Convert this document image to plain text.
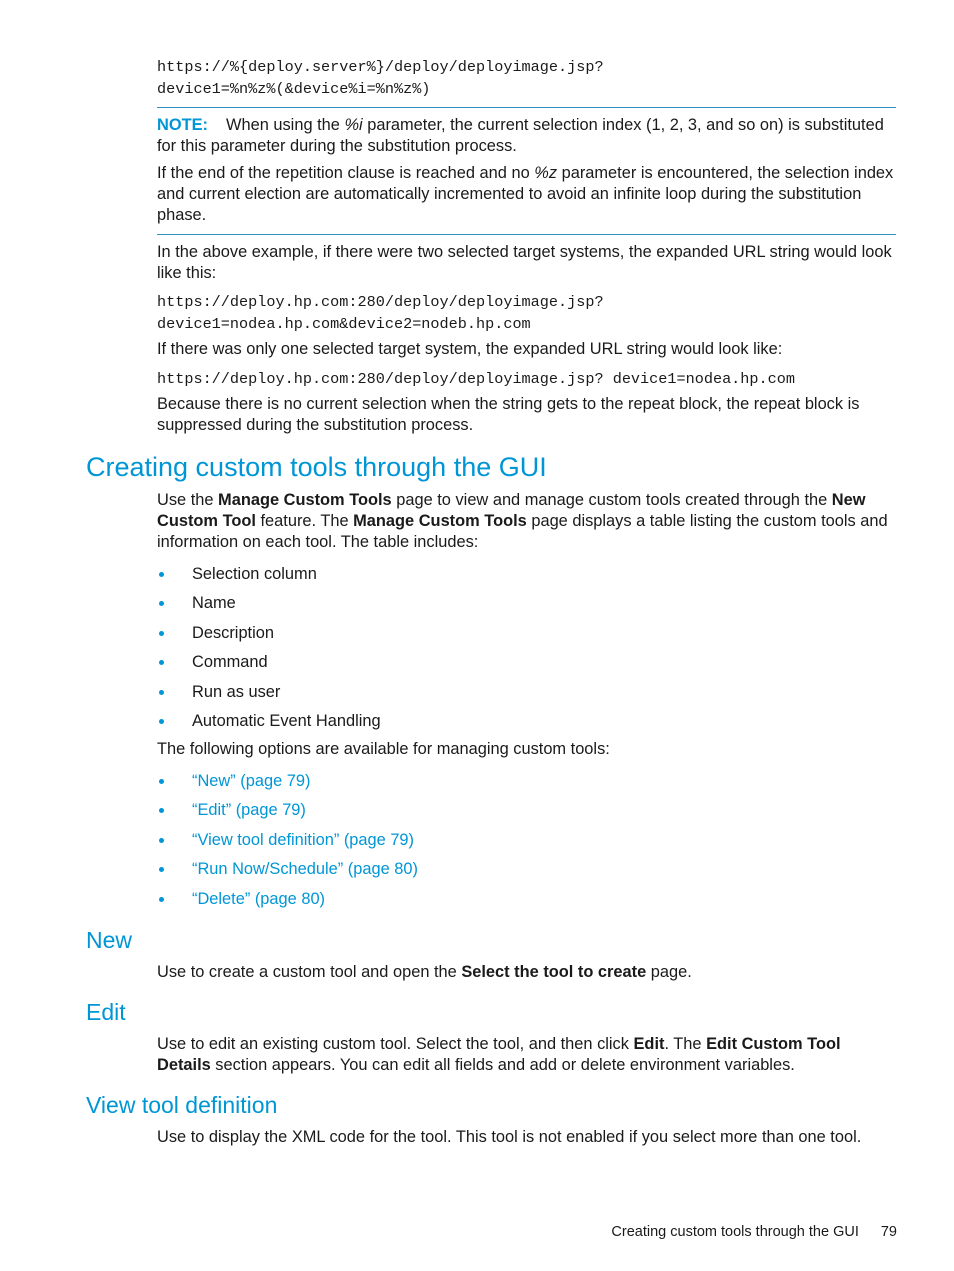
https://%{deploy.server%}/deploy/deployimage.jsp?

device1=%n%z%(&device%i=%n%z%)

NOTE: When using the %i parameter, the current selection index (1, 2, 3, and so on) is substituted for this parameter during the substitution process.

If the end of the repetition clause is reached and no %z parameter is encountered, the selection index and current election are automatically incremented to avoid an infinite loop during the substitution phase.

In the above example, if there were two selected target systems, the expanded URL string would look like this:

https://deploy.hp.com:280/deploy/deployimage.jsp?

device1=nodea.hp.com&device2=nodeb.hp.com

If there was only one selected target system, the expanded URL string would look like:

https://deploy.hp.com:280/deploy/deployimage.jsp? device1=nodea.hp.com

Because there is no current selection when the string gets to the repeat block, the repeat block is suppressed during the substitution process.

Creating custom tools through the GUI

Use the Manage Custom Tools page to view and manage custom tools created through the New Custom Tool feature. The Manage Custom Tools page displays a table listing the custom tools and information on each tool. The table includes:

Selection column
Name
Description
Command
Run as user
Automatic Event Handling

The following options are available for managing custom tools:

“New” (page 79)
“Edit” (page 79)
“View tool definition” (page 79)
“Run Now/Schedule” (page 80)
“Delete” (page 80)
New

Use to create a custom tool and open the Select the tool to create page.

Edit

Use to edit an existing custom tool. Select the tool, and then click Edit. The Edit Custom Tool Details section appears. You can edit all fields and add or delete environment variables.

View tool definition

Use to display the XML code for the tool. This tool is not enabled if you select more than one tool.

Creating custom tools through the GUI 79
